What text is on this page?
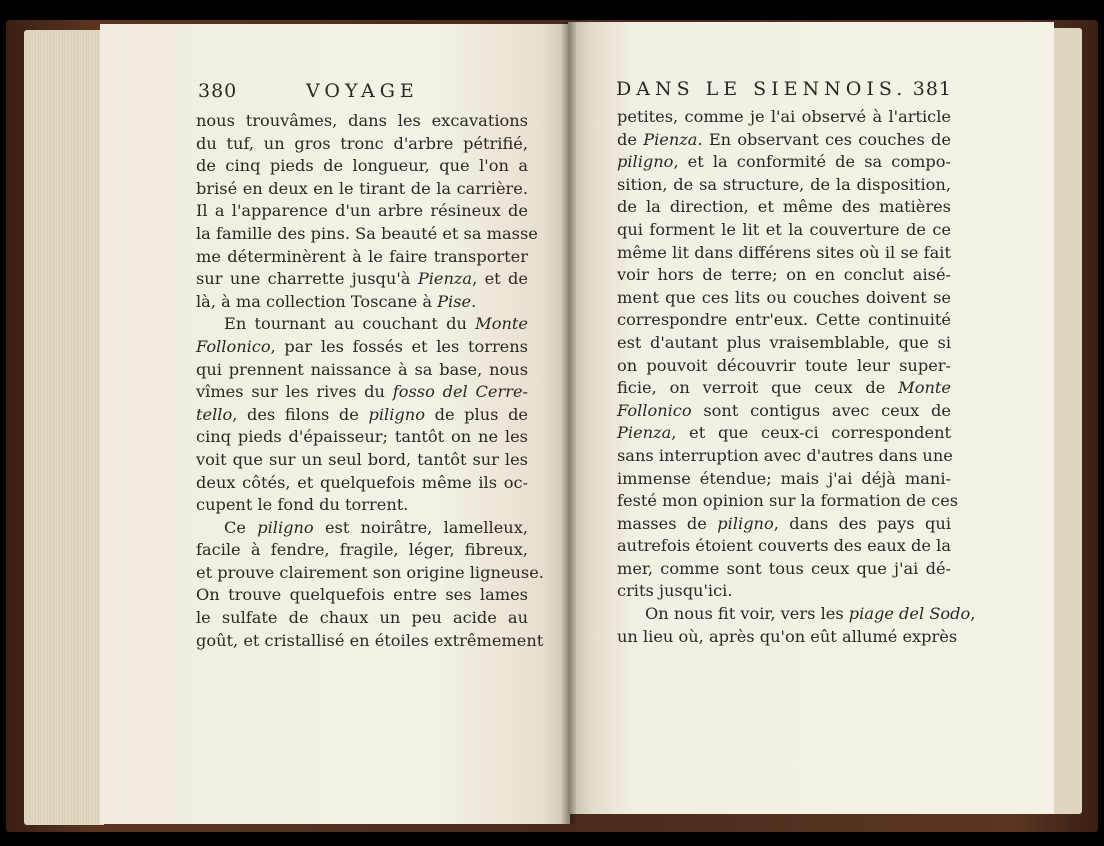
380	VOYAGE
nous trouvâmes, dans les excavations
du tuf, un gros tronc d'arbre pétrifié,
de cinq pieds de longueur, que l'on a
brisé en deux en le tirant de la carrière.
Il a l'apparence d'un arbre résineux de
la famille des pins. Sa beauté et sa masse
me déterminèrent à le faire transporter
sur une charrette jusqu'à Pienza, et de
là, à ma collection Toscane à Pise.
En tournant au couchant du Monte
Follonico, par les fossés et les torrens
qui prennent naissance à sa base, nous
vîmes sur les rives du fosso del Cerre-
tello, des filons de piligno de plus de
cinq pieds d'épaisseur; tantôt on ne les
voit que sur un seul bord, tantôt sur les
deux côtés, et quelquefois même ils oc-
cupent le fond du torrent.
Ce piligno est noirâtre, lamelleux,
facile à fendre, fragile, léger, fibreux,
et prouve clairement son origine ligneuse.
On trouve quelquefois entre ses lames
le sulfate de chaux un peu acide au
goût, et cristallisé en étoiles extrêmement
DANS LE SIENNOIS. 381
petites, comme je l'ai observé à l'article
de Pienza. En observant ces couches de
piligno, et la conformité de sa compo-
sition, de sa structure, de la disposition,
de la direction, et même des matières
qui forment le lit et la couverture de ce
même lit dans différens sites où il se fait
voir hors de terre; on en conclut aisé-
ment que ces lits ou couches doivent se
correspondre entr'eux. Cette continuité
est d'autant plus vraisemblable, que si
on pouvoit découvrir toute leur super-
ficie, on verroit que ceux de Monte
Follonico sont contigus avec ceux de
Pienza, et que ceux-ci correspondent
sans interruption avec d'autres dans une
immense étendue; mais j'ai déjà mani-
festé mon opinion sur la formation de ces
masses de piligno, dans des pays qui
autrefois étoient couverts des eaux de la
mer, comme sont tous ceux que j'ai dé-
crits jusqu'ici.
On nous fit voir, vers les piage del Sodo,
un lieu où, après qu'on eût allumé exprès
